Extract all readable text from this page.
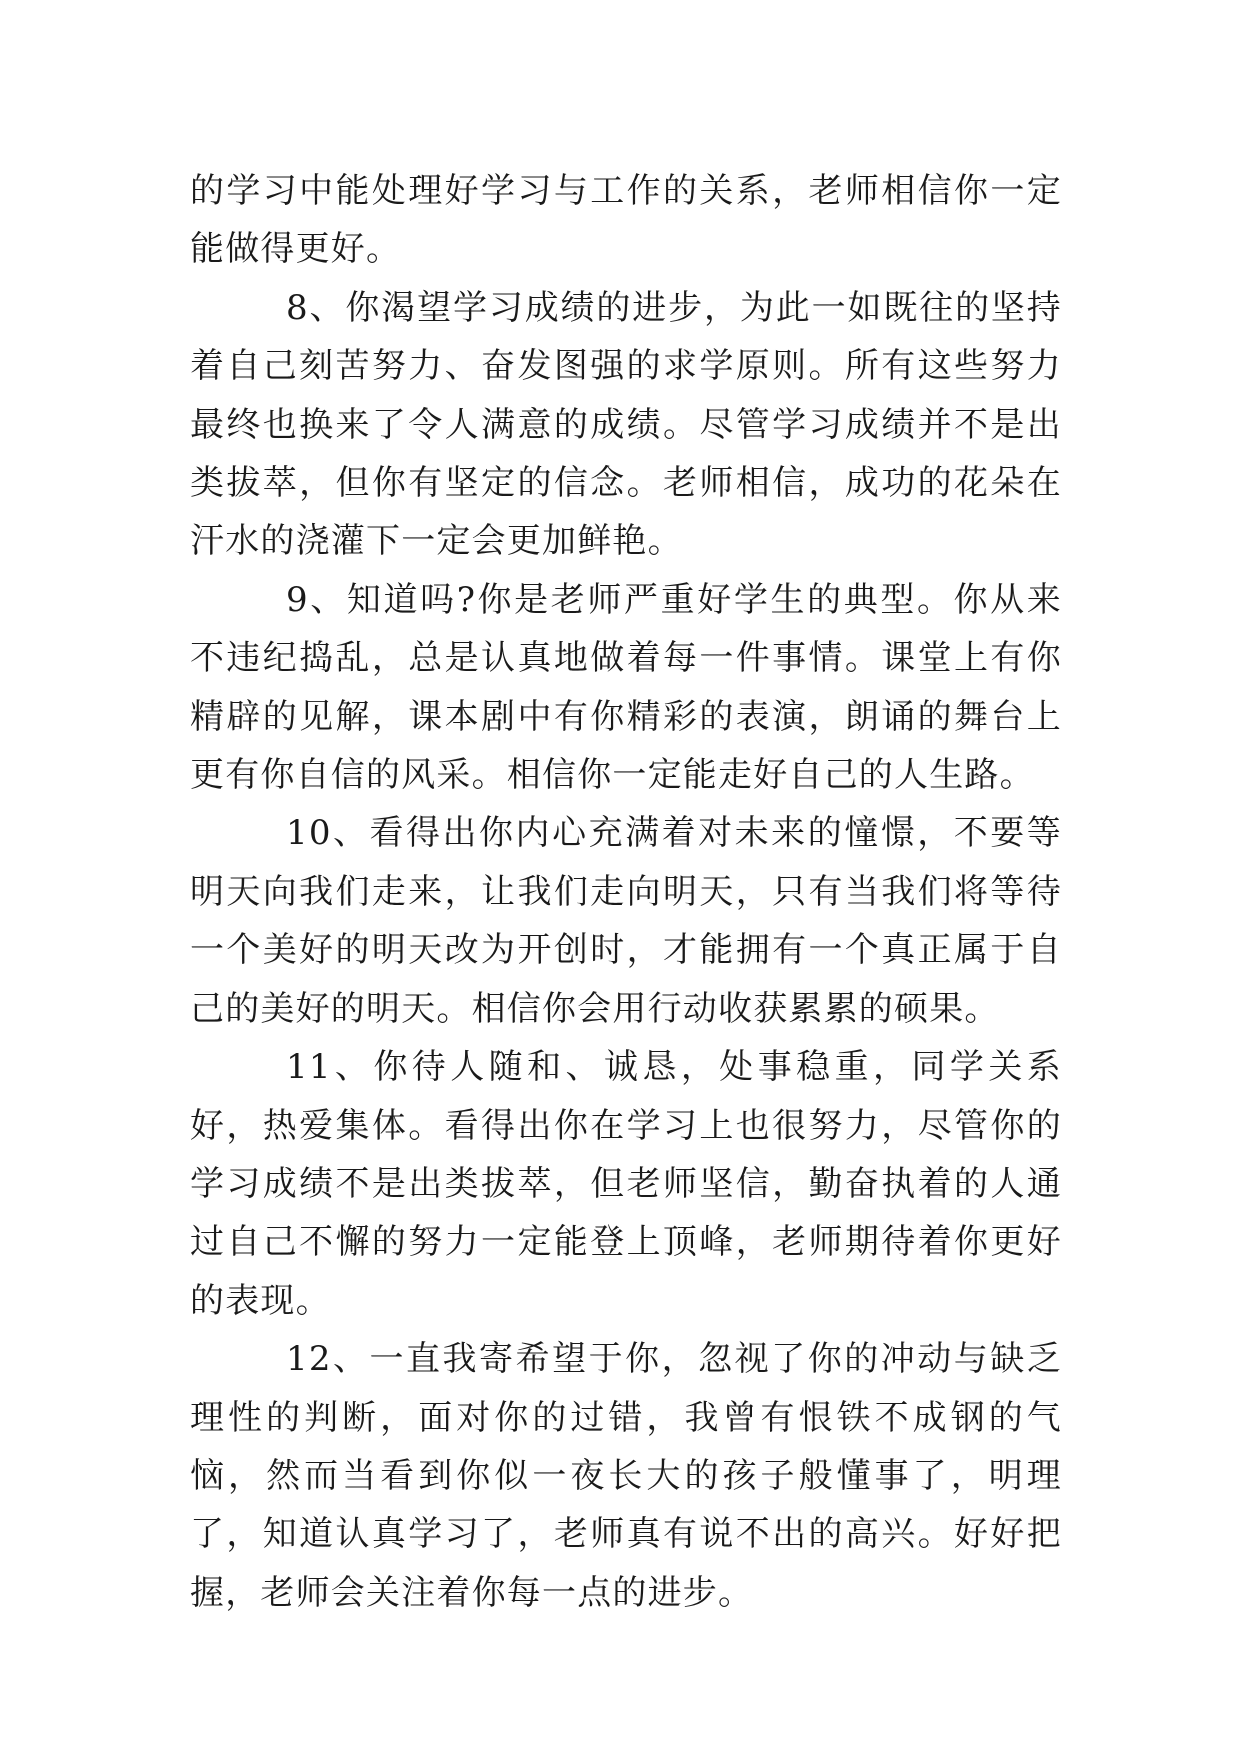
的学习中能处理好学习与工作的关系，老师相信你一定能做得更好。

8、你渴望学习成绩的进步，为此一如既往的坚持着自己刻苦努力、奋发图强的求学原则。所有这些努力最终也换来了令人满意的成绩。尽管学习成绩并不是出类拔萃，但你有坚定的信念。老师相信，成功的花朵在汗水的浇灌下一定会更加鲜艳。

9、知道吗?你是老师严重好学生的典型。你从来不违纪捣乱，总是认真地做着每一件事情。课堂上有你精辟的见解，课本剧中有你精彩的表演，朗诵的舞台上更有你自信的风采。相信你一定能走好自己的人生路。

10、看得出你内心充满着对未来的憧憬，不要等明天向我们走来，让我们走向明天，只有当我们将等待一个美好的明天改为开创时，才能拥有一个真正属于自己的美好的明天。相信你会用行动收获累累的硕果。

11、你待人随和、诚恳，处事稳重，同学关系好，热爱集体。看得出你在学习上也很努力，尽管你的学习成绩不是出类拔萃，但老师坚信，勤奋执着的人通过自己不懈的努力一定能登上顶峰，老师期待着你更好的表现。

12、一直我寄希望于你，忽视了你的冲动与缺乏理性的判断，面对你的过错，我曾有恨铁不成钢的气恼，然而当看到你似一夜长大的孩子般懂事了，明理了，知道认真学习了，老师真有说不出的高兴。好好把握，老师会关注着你每一点的进步。
